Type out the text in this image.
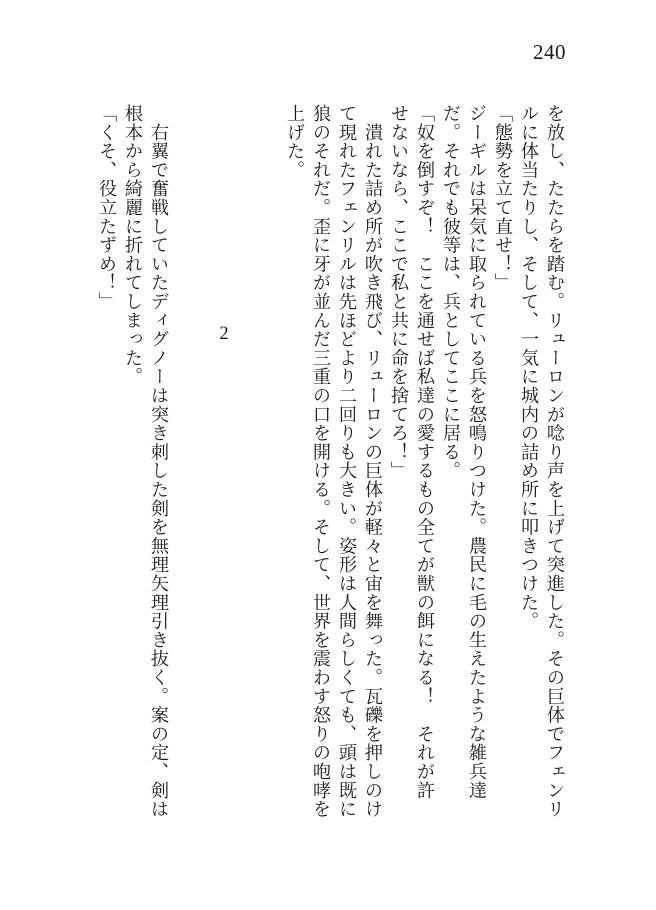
240
を放し、たたらを踏む。リューロンが唸り声を上げて突進した。その巨体でフェンリ
ルに体当たりし、そして、一気に城内の詰め所に叩きつけた。
「態勢を立て直せ！」
ジーギルは呆気に取られている兵を怒鳴りつけた。農民に毛の生えたような雑兵達
だ。それでも彼等は、兵としてここに居る。
「奴を倒すぞ！　ここを通せば私達の愛するもの全てが獣の餌になる！　それが許
せないなら、ここで私と共に命を捨てろ！」
　潰れた詰め所が吹き飛び、リューロンの巨体が軽々と宙を舞った。瓦礫を押しのけ
て現れたフェンリルは先ほどより二回りも大きい。姿形は人間らしくても、頭は既に
狼のそれだ。歪に牙が並んだ三重の口を開ける。そして、世界を震わす怒りの咆哮を
上げた。
2
　右翼で奮戦していたディグノーは突き刺した剣を無理矢理引き抜く。案の定、剣は
根本から綺麗に折れてしまった。
「くそ、役立たずめ！」
